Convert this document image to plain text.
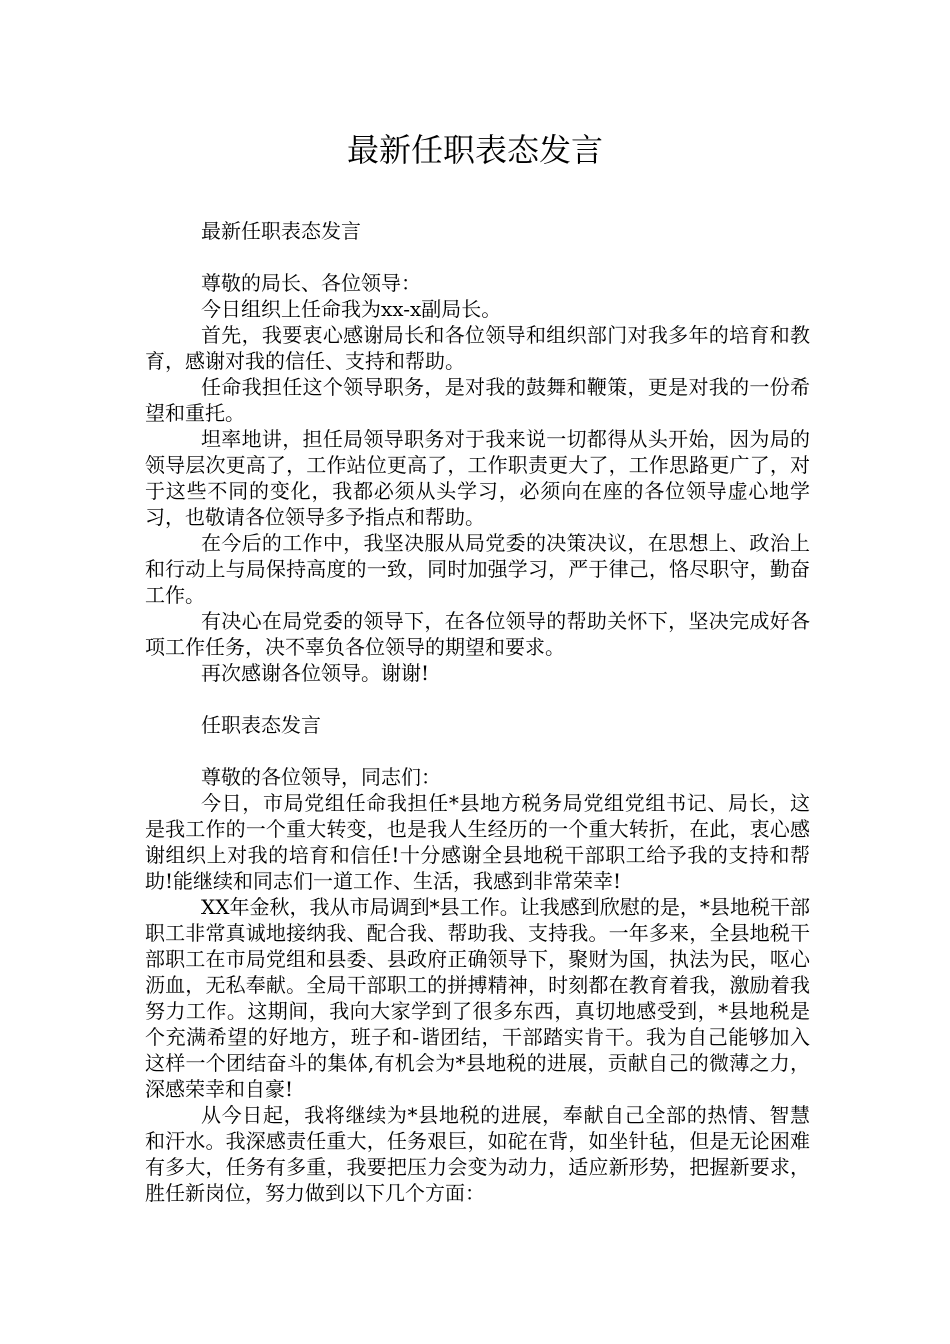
最新任职表态发言

最新任职表态发言

尊敬的局长、各位领导：

今日组织上任命我为xx-x副局长。

首先，我要衷心感谢局长和各位领导和组织部门对我多年的培育和教育，感谢对我的信任、支持和帮助。

任命我担任这个领导职务，是对我的鼓舞和鞭策，更是对我的一份希望和重托。

坦率地讲，担任局领导职务对于我来说一切都得从头开始，因为局的领导层次更高了，工作站位更高了，工作职责更大了，工作思路更广了，对于这些不同的变化，我都必须从头学习，必须向在座的各位领导虚心地学习，也敬请各位领导多予指点和帮助。

在今后的工作中，我坚决服从局党委的决策决议，在思想上、政治上和行动上与局保持高度的一致，同时加强学习，严于律己，恪尽职守，勤奋工作。

有决心在局党委的领导下，在各位领导的帮助关怀下，坚决完成好各项工作任务，决不辜负各位领导的期望和要求。

再次感谢各位领导。谢谢!

任职表态发言

尊敬的各位领导，同志们：

今日，市局党组任命我担任*县地方税务局党组党组书记、局长，这是我工作的一个重大转变，也是我人生经历的一个重大转折，在此，衷心感谢组织上对我的培育和信任!十分感谢全县地税干部职工给予我的支持和帮助!能继续和同志们一道工作、生活，我感到非常荣幸!

XX年金秋，我从市局调到*县工作。让我感到欣慰的是，*县地税干部职工非常真诚地接纳我、配合我、帮助我、支持我。一年多来，全县地税干部职工在市局党组和县委、县政府正确领导下，聚财为国，执法为民，呕心沥血，无私奉献。全局干部职工的拼搏精神，时刻都在教育着我，激励着我努力工作。这期间，我向大家学到了很多东西，真切地感受到，*县地税是个充满希望的好地方，班子和-谐团结，干部踏实肯干。我为自己能够加入这样一个团结奋斗的集体,有机会为*县地税的进展，贡献自己的微薄之力，深感荣幸和自豪!

从今日起，我将继续为*县地税的进展，奉献自己全部的热情、智慧和汗水。我深感责任重大，任务艰巨，如砣在背，如坐针毡，但是无论困难有多大，任务有多重，我要把压力会变为动力，适应新形势，把握新要求，胜任新岗位，努力做到以下几个方面：
